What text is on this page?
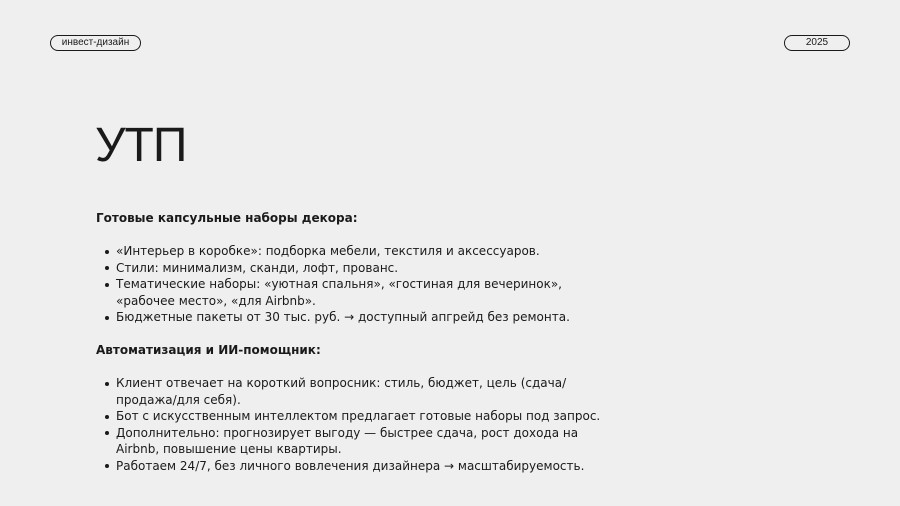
инвест-дизайн	2025
УТП
Готовые капсульные наборы декора:
«Интерьер в коробке»: подборка мебели, текстиля и аксессуаров.
Стили: минимализм, сканди, лофт, прованс.
Тематические наборы: «уютная спальня», «гостиная для вечеринок», «рабочее место», «для Airbnb».
Бюджетные пакеты от 30 тыс. руб. → доступный апгрейд без ремонта.
Автоматизация и ИИ-помощник:
Клиент отвечает на короткий вопросник: стиль, бюджет, цель (сдача/продажа/для себя).
Бот с искусственным интеллектом предлагает готовые наборы под запрос.
Дополнительно: прогнозирует выгоду — быстрее сдача, рост дохода на Airbnb, повышение цены квартиры.
Работаем 24/7, без личного вовлечения дизайнера → масштабируемость.
